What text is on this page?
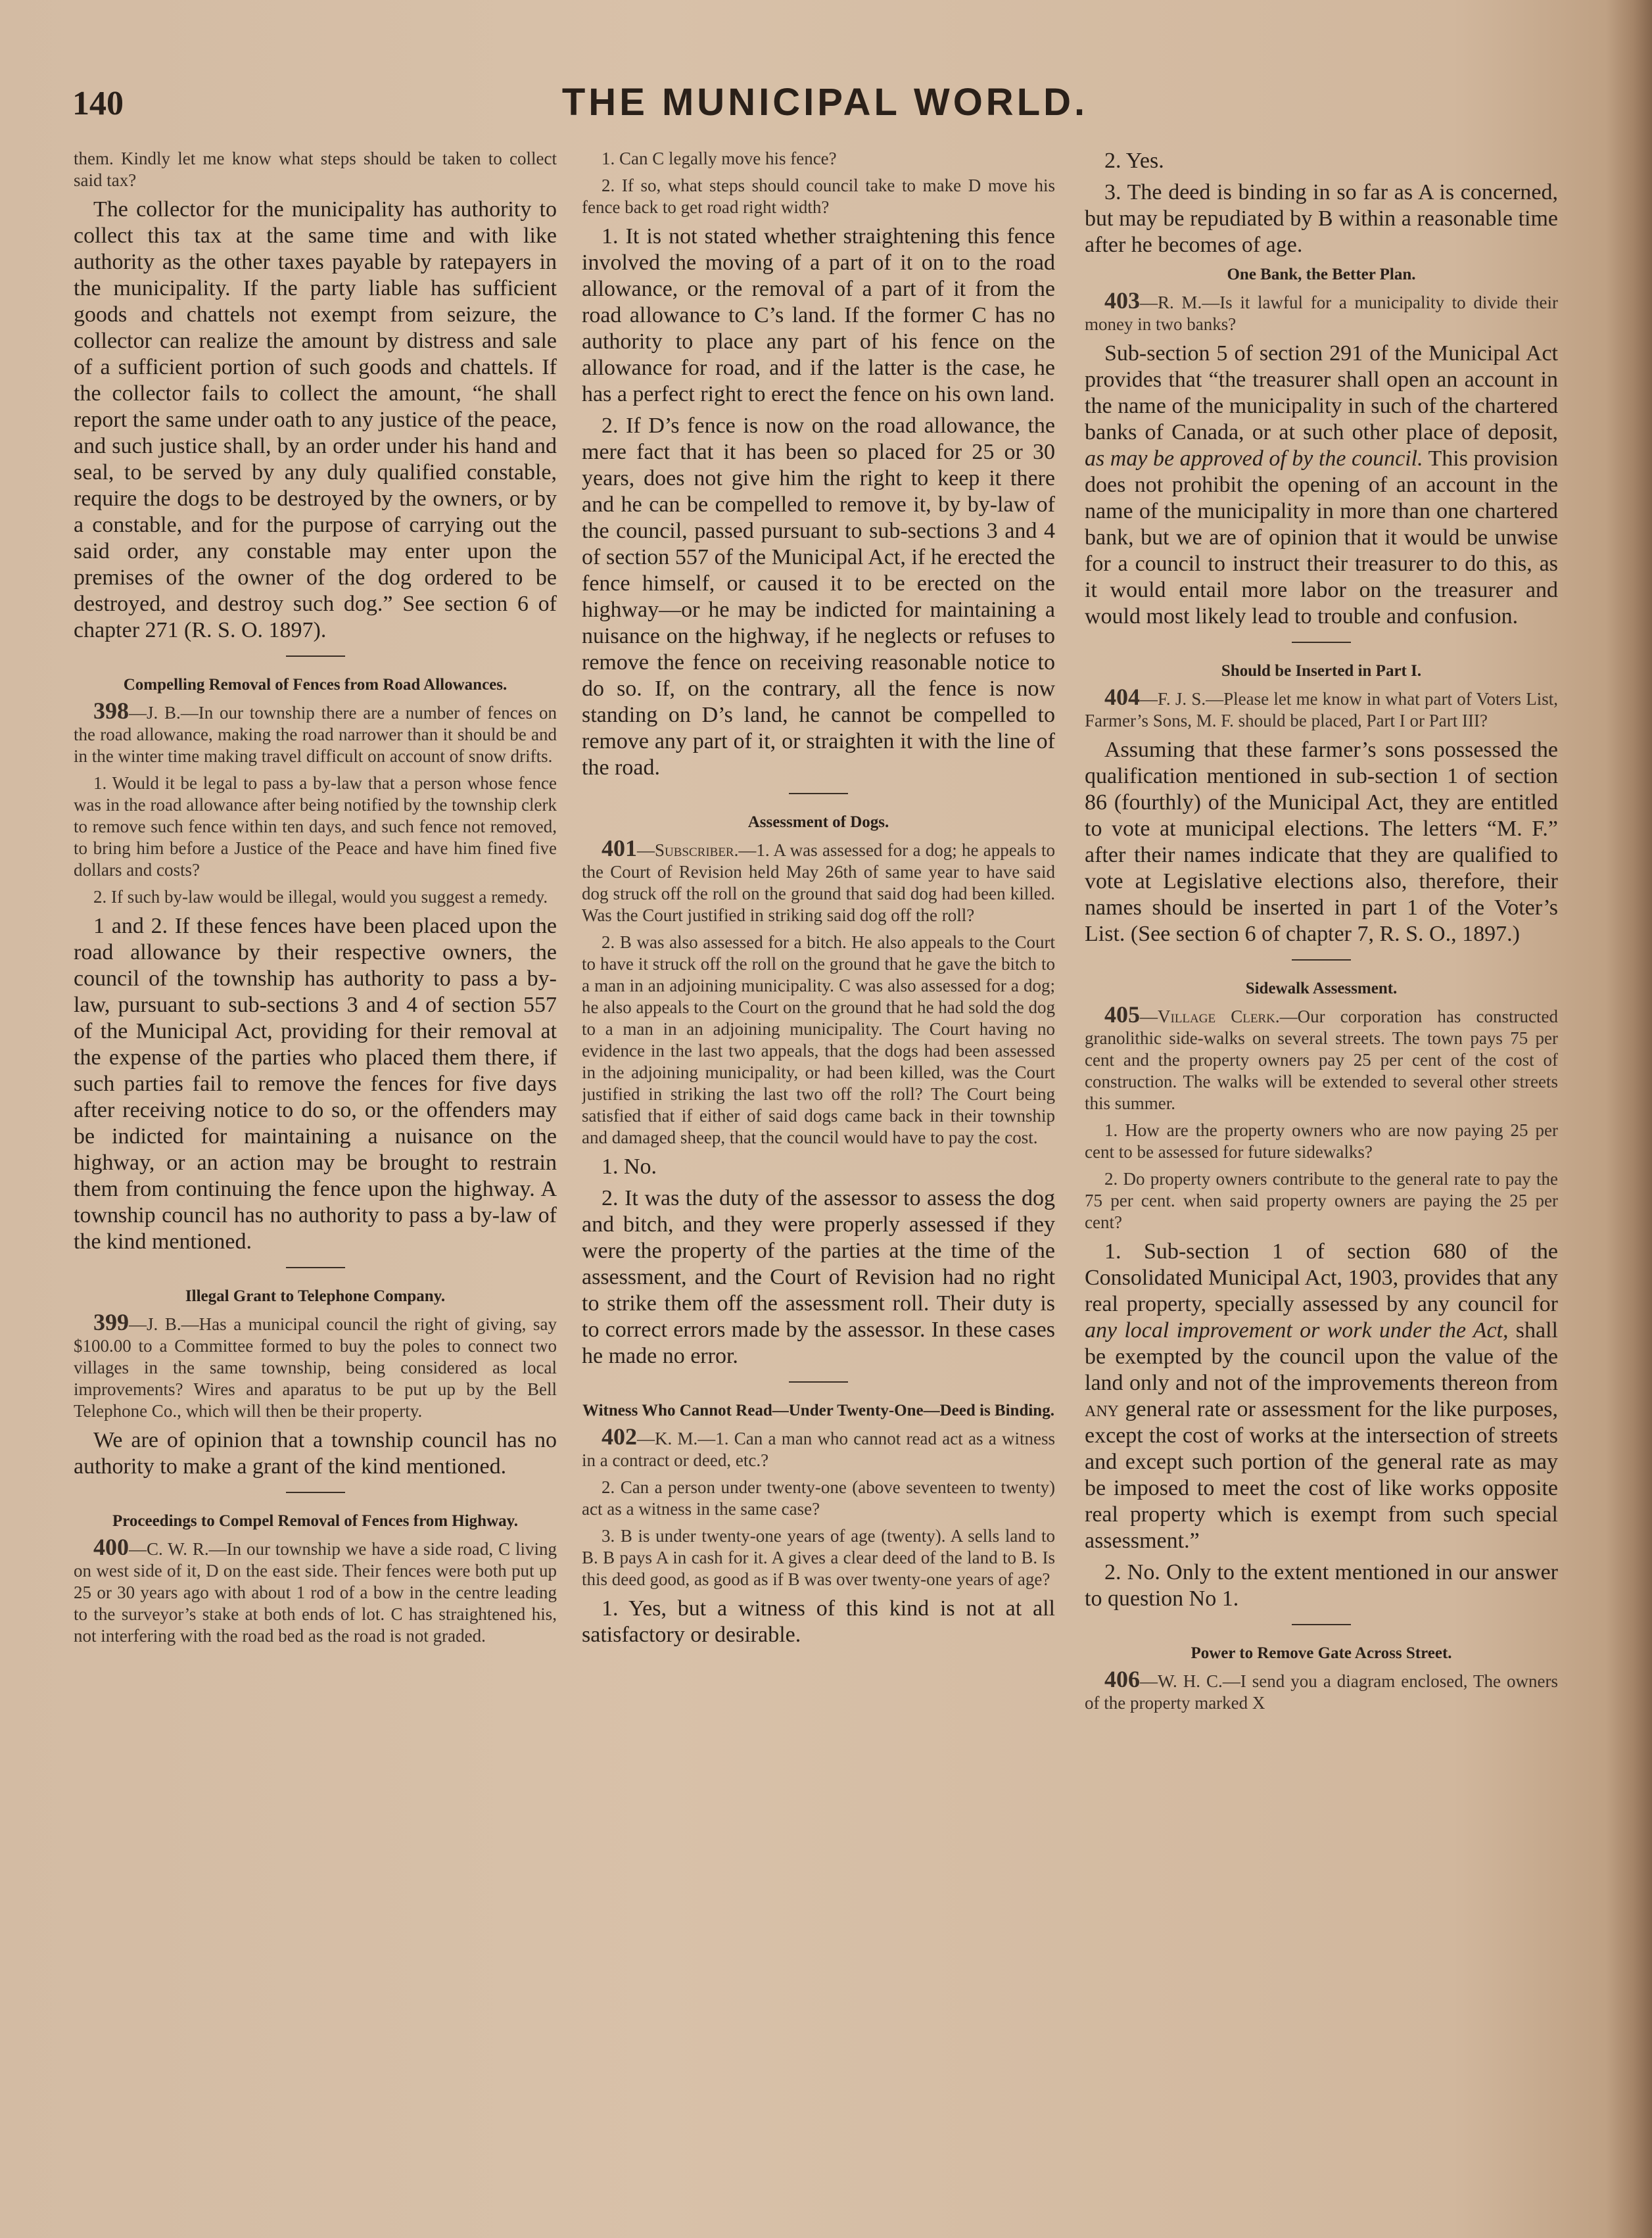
140	THE MUNICIPAL WORLD.

them. Kindly let me know what steps should be taken to collect said tax?

The collector for the municipality has authority to collect this tax at the same time and with like authority as the other taxes payable by ratepayers in the municipality. If the party liable has sufficient goods and chattels not exempt from seizure, the collector can realize the amount by distress and sale of a sufficient portion of such goods and chattels. If the collector fails to collect the amount, “he shall report the same under oath to any justice of the peace, and such justice shall, by an order under his hand and seal, to be served by any duly qualified constable, require the dogs to be destroyed by the owners, or by a constable, and for the purpose of carrying out the said order, any constable may enter upon the premises of the owner of the dog ordered to be destroyed, and destroy such dog.” See section 6 of chapter 271 (R. S. O. 1897).

Compelling Removal of Fences from Road Allowances.

398—J. B.—In our township there are a number of fences on the road allowance, making the road narrower than it should be and in the winter time making travel difficult on account of snow drifts.

1. Would it be legal to pass a by-law that a person whose fence was in the road allowance after being notified by the township clerk to remove such fence within ten days, and such fence not removed, to bring him before a Justice of the Peace and have him fined five dollars and costs?

2. If such by-law would be illegal, would you suggest a remedy.

1 and 2. If these fences have been placed upon the road allowance by their respective owners, the council of the township has authority to pass a by-law, pursuant to sub-sections 3 and 4 of section 557 of the Municipal Act, providing for their removal at the expense of the parties who placed them there, if such parties fail to remove the fences for five days after receiving notice to do so, or the offenders may be indicted for maintaining a nuisance on the highway, or an action may be brought to restrain them from continuing the fence upon the highway. A township council has no authority to pass a by-law of the kind mentioned.

Illegal Grant to Telephone Company.

399—J. B.—Has a municipal council the right of giving, say $100.00 to a Committee formed to buy the poles to connect two villages in the same township, being considered as local improvements? Wires and aparatus to be put up by the Bell Telephone Co., which will then be their property.

We are of opinion that a township council has no authority to make a grant of the kind mentioned.

Proceedings to Compel Removal of Fences from Highway.

400—C. W. R.—In our township we have a side road, C living on west side of it, D on the east side. Their fences were both put up 25 or 30 years ago with about 1 rod of a bow in the centre leading to the surveyor’s stake at both ends of lot. C has straightened his, not interfering with the road bed as the road is not graded.

1. Can C legally move his fence?

2. If so, what steps should council take to make D move his fence back to get road right width?

1. It is not stated whether straightening this fence involved the moving of a part of it on to the road allowance, or the removal of a part of it from the road allowance to C’s land. If the former C has no authority to place any part of his fence on the allowance for road, and if the latter is the case, he has a perfect right to erect the fence on his own land.

2. If D’s fence is now on the road allowance, the mere fact that it has been so placed for 25 or 30 years, does not give him the right to keep it there and he can be compelled to remove it, by by-law of the council, passed pursuant to sub-sections 3 and 4 of section 557 of the Municipal Act, if he erected the fence himself, or caused it to be erected on the highway—or he may be indicted for maintaining a nuisance on the highway, if he neglects or refuses to remove the fence on receiving reasonable notice to do so. If, on the contrary, all the fence is now standing on D’s land, he cannot be compelled to remove any part of it, or straighten it with the line of the road.

Assessment of Dogs.

401—Subscriber.—1. A was assessed for a dog; he appeals to the Court of Revision held May 26th of same year to have said dog struck off the roll on the ground that said dog had been killed. Was the Court justified in striking said dog off the roll?

2. B was also assessed for a bitch. He also appeals to the Court to have it struck off the roll on the ground that he gave the bitch to a man in an adjoining municipality. C was also assessed for a dog; he also appeals to the Court on the ground that he had sold the dog to a man in an adjoining municipality. The Court having no evidence in the last two appeals, that the dogs had been assessed in the adjoining municipality, or had been killed, was the Court justified in striking the last two off the roll? The Court being satisfied that if either of said dogs came back in their township and damaged sheep, that the council would have to pay the cost.

1. No.

2. It was the duty of the assessor to assess the dog and bitch, and they were properly assessed if they were the property of the parties at the time of the assessment, and the Court of Revision had no right to strike them off the assessment roll. Their duty is to correct errors made by the assessor. In these cases he made no error.

Witness Who Cannot Read—Under Twenty-One—Deed is Binding.

402—K. M.—1. Can a man who cannot read act as a witness in a contract or deed, etc.?

2. Can a person under twenty-one (above seventeen to twenty) act as a witness in the same case?

3. B is under twenty-one years of age (twenty). A sells land to B. B pays A in cash for it. A gives a clear deed of the land to B. Is this deed good, as good as if B was over twenty-one years of age?

1. Yes, but a witness of this kind is not at all satisfactory or desirable.

2. Yes.

3. The deed is binding in so far as A is concerned, but may be repudiated by B within a reasonable time after he becomes of age.

One Bank, the Better Plan.

403—R. M.—Is it lawful for a municipality to divide their money in two banks?

Sub-section 5 of section 291 of the Municipal Act provides that “the treasurer shall open an account in the name of the municipality in such of the chartered banks of Canada, or at such other place of deposit, as may be approved of by the council. This provision does not prohibit the opening of an account in the name of the municipality in more than one chartered bank, but we are of opinion that it would be unwise for a council to instruct their treasurer to do this, as it would entail more labor on the treasurer and would most likely lead to trouble and confusion.

Should be Inserted in Part I.

404—F. J. S.—Please let me know in what part of Voters List, Farmer’s Sons, M. F. should be placed, Part I or Part III?

Assuming that these farmer’s sons possessed the qualification mentioned in sub-section 1 of section 86 (fourthly) of the Municipal Act, they are entitled to vote at municipal elections. The letters “M. F.” after their names indicate that they are qualified to vote at Legislative elections also, therefore, their names should be inserted in part 1 of the Voter’s List. (See section 6 of chapter 7, R. S. O., 1897.)

Sidewalk Assessment.

405—Village Clerk.—Our corporation has constructed granolithic side-walks on several streets. The town pays 75 per cent and the property owners pay 25 per cent of the cost of construction. The walks will be extended to several other streets this summer.

1. How are the property owners who are now paying 25 per cent to be assessed for future sidewalks?

2. Do property owners contribute to the general rate to pay the 75 per cent. when said property owners are paying the 25 per cent?

1. Sub-section 1 of section 680 of the Consolidated Municipal Act, 1903, provides that any real property, specially assessed by any council for any local improvement or work under the Act, shall be exempted by the council upon the value of the land only and not of the improvements thereon from any general rate or assessment for the like purposes, except the cost of works at the intersection of streets and except such portion of the general rate as may be imposed to meet the cost of like works opposite real property which is exempt from such special assessment.”

2. No. Only to the extent mentioned in our answer to question No 1.

Power to Remove Gate Across Street.

406—W. H. C.—I send you a diagram enclosed, The owners of the property marked X
